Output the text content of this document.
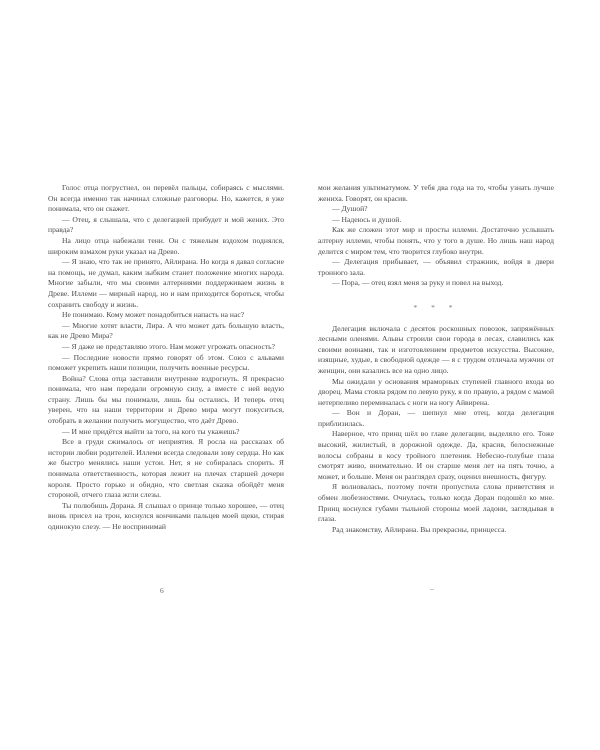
Голос отца погрустнел, он перевёл пальцы, собираясь с мыслями. Он всегда именно так начинал сложные разговоры. Но, кажется, я уже понимала, что он скажет.

— Отец, я слышала, что с делегацией прибудет и мой жених. Это правда?

На лицо отца набежали тени. Он с тяжелым вздохом поднялся, широким взмахом руки указал на Древо.

— Я знаю, что так не принято, Айлирана. Но когда я давал согласие на помощь, не думал, каким зыбким станет положение многих народа. Многие забыли, что мы своими алтерниями поддерживаем жизнь в Древе. Иллеми — мирный народ, но и нам приходится бороться, чтобы сохранить свободу и жизнь.

Не понимаю. Кому может понадобиться напасть на нас?

— Многие хотят власти, Лира. А что может дать большую власть, как не Древо Мира?

— Я даже не представляю этого. Нам может угрожать опасность?

— Последние новости прямо говорят об этом. Союз с альвами поможет укрепить наши позиции, получить военные ресурсы.

Война? Слова отца заставили внутренне вздрогнуть. Я прекрасно понимала, что нам передали огромную силу, а вместе с ней ведую страну. Лишь бы мы понимали, лишь бы остались. И теперь отец уверен, что на наши территории и Древо мира могут покуситься, отобрать в желании получить могущество, что даёт Древо.

— И мне придётся выйти за того, на кого ты укажешь?

Все в груди сжималось от неприятия. Я росла на рассказах об истории любви родителей. Иллеми всегда следовали зову сердца. Но как же быстро менялись наши устои. Нет, я не собиралась спорить. Я понимала ответственность, которая лежит на плечах старшей дочери короля. Просто горько и обидно, что светлая сказка обойдёт меня стороной, отчего глаза жгли слезы.

Ты полюбишь Дорана. Я слышал о принце только хорошее, — отец вновь присел на трон, коснулся кончиками пальцев моей щеки, стирая одинокую слезу. — Не воспринимай

6

мои желания ультиматумом. У тебя два года на то, чтобы узнать лучше жениха. Говорят, он красив.

— Душой?

— Надеюсь и душой.

Как же сложен этот мир и просты иллеми. Достаточно услышать алтерну иллеми, чтобы понять, что у того в душе. Но лишь наш народ делится с миром тем, что творится глубоко внутри.

— Делегация прибывает, — объявил стражник, войдя в двери тронного зала.

— Пора, — отец взял меня за руку и повел на выход.

* * *

Делегация включала с десяток роскошных повозок, запряжённых лесными оленями. Альвы строили свои города в лесах, славились как своими воинами, так и изготовлением предметов искусства. Высокие, изящные, худые, в свободной одежде — я с трудом отличала мужчин от женщин, они казались все на одно лицо.

Мы ожидали у основания мраморных ступеней главного входа во дворец. Мама стояла рядом по левую руку, я по правую, а рядом с мамой нетерпеливо переминалась с ноги на ногу Айвирена.

— Вон и Доран, — шепнул мне отец, когда делегация приблизилась.

Наверное, что принц шёл во главе делегации, выделяло его. Тоже высокий, жилистый, в дорожной одежде. Да, красив, белоснежные волосы собраны в косу тройного плетения. Небесно-голубые глаза смотрят живо, внимательно. И он старше меня лет на пять точно, а может, и больше. Меня он разглядел сразу, оценил внешность, фигуру.

Я волновалась, поэтому почти пропустила слова приветствия и обмен любезностями. Очнулась, только когда Доран подошёл ко мне. Принц коснулся губами тыльной стороны моей ладони, заглядывая в глаза.

Рад знакомству, Айлирана. Вы прекрасны, принцесса.

–
